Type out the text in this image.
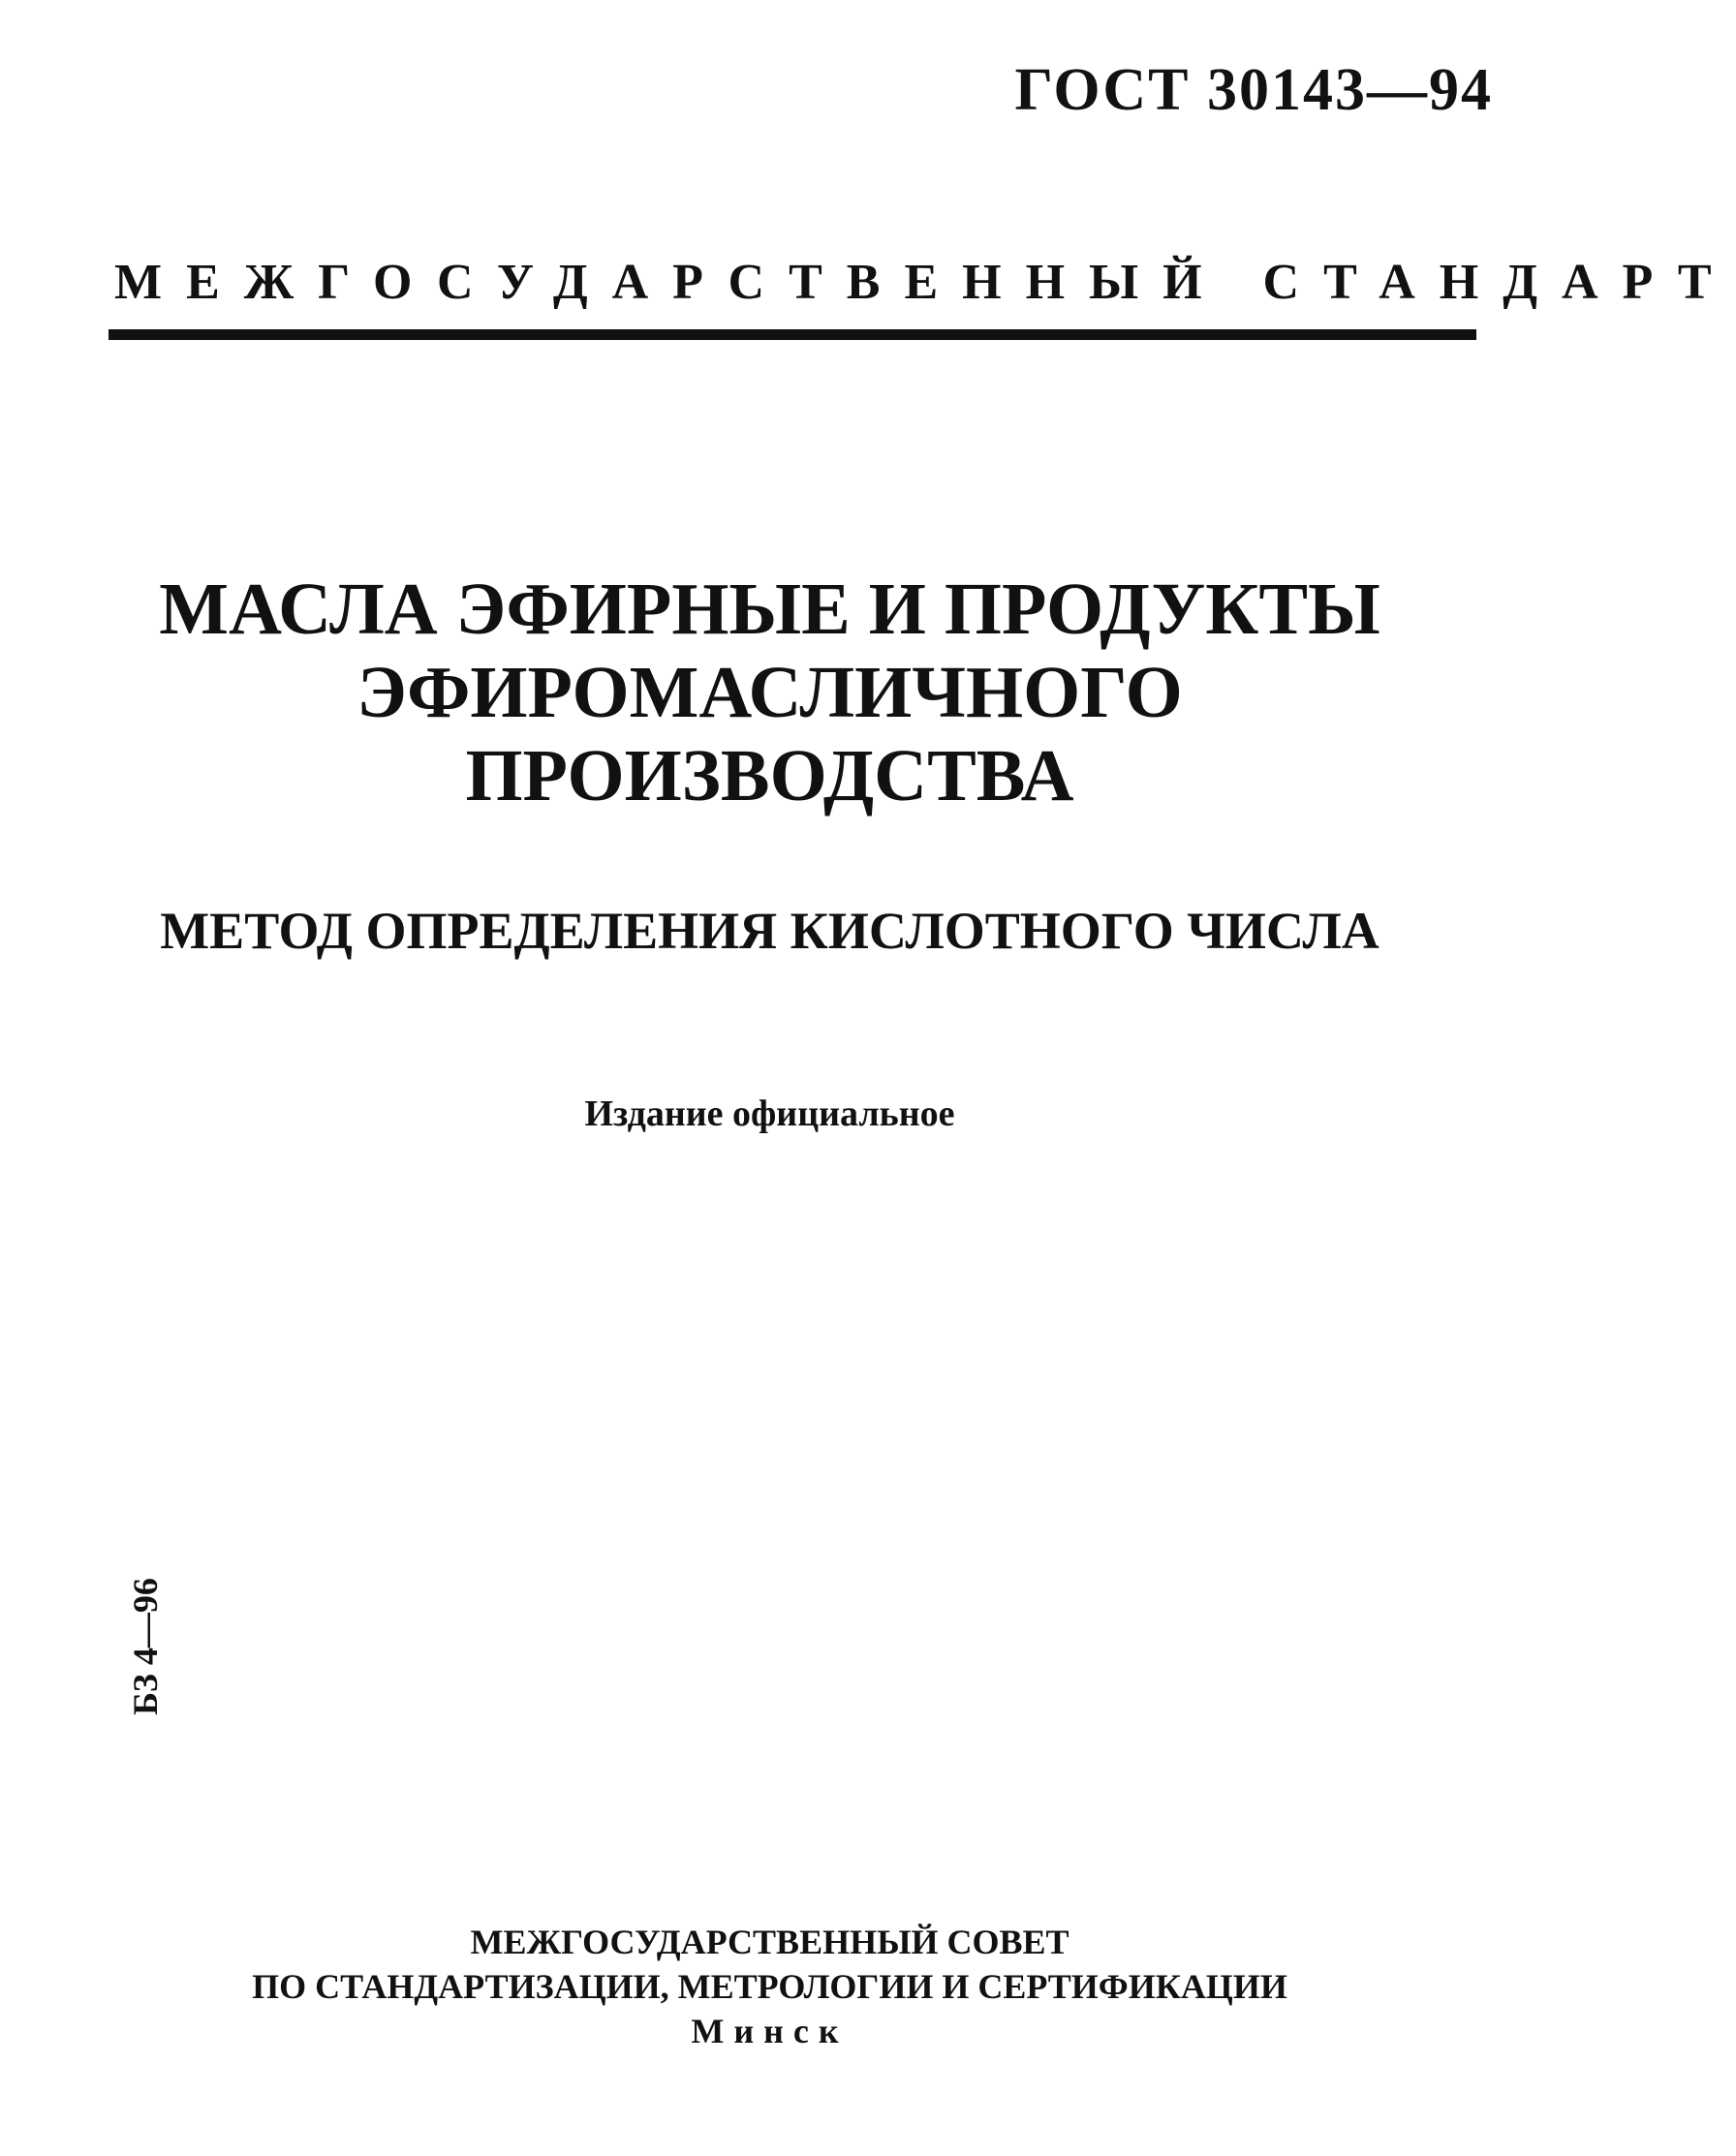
ГОСТ 30143—94
МЕЖГОСУДАРСТВЕННЫЙ СТАНДАРТ
МАСЛА ЭФИРНЫЕ И ПРОДУКТЫ
ЭФИРОМАСЛИЧНОГО
ПРОИЗВОДСТВА
МЕТОД ОПРЕДЕЛЕНИЯ КИСЛОТНОГО ЧИСЛА
Издание официальное
БЗ 4—96
МЕЖГОСУДАРСТВЕННЫЙ СОВЕТ
ПО СТАНДАРТИЗАЦИИ, МЕТРОЛОГИИ И СЕРТИФИКАЦИИ
Минск
